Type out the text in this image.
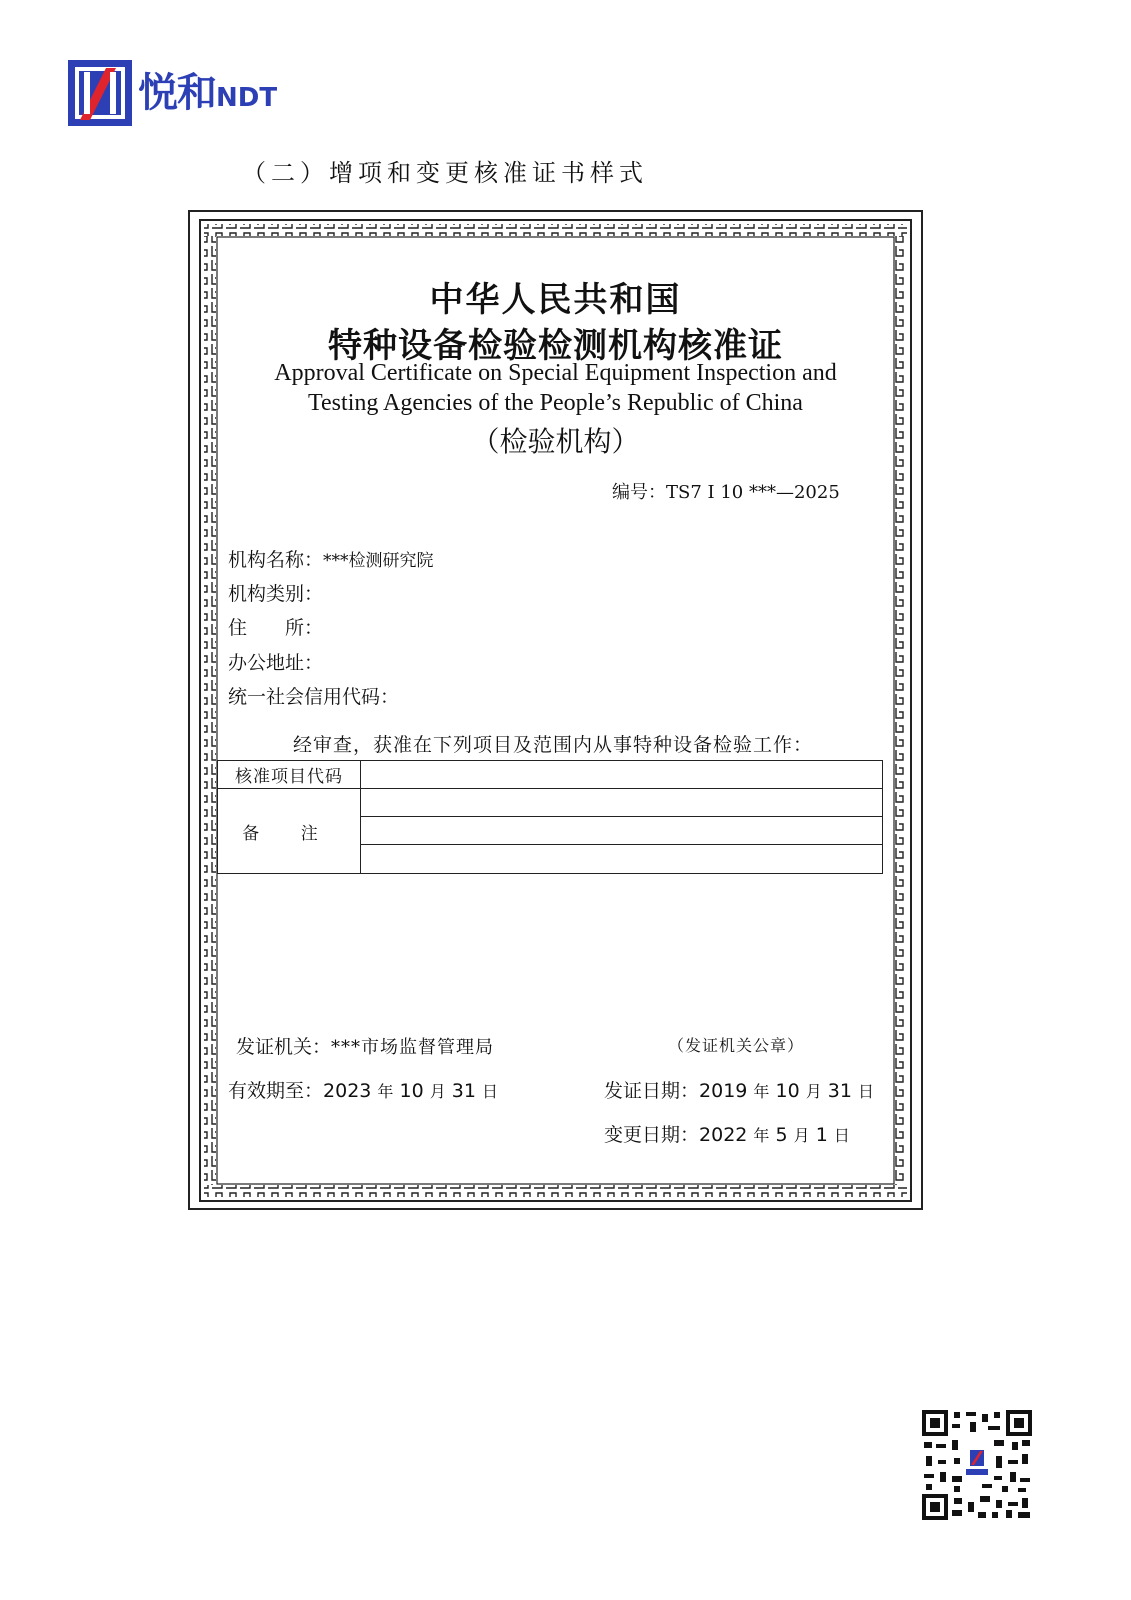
悦和NDT
（二）增项和变更核准证书样式
中华人民共和国
特种设备检验检测机构核准证
Approval Certificate on Special Equipment Inspection and
Testing Agencies of the People’s Republic of China
（检验机构）
编号：TS7 I 10 ***—2025
机构名称：***检测研究院
机构类别：
住 所：
办公地址：
统一社会信用代码：
经审查，获准在下列项目及范围内从事特种设备检验工作：
核准项目代码	
备 注	

发证机关：***市场监督管理局	（发证机关公章）
有效期至：2023 年 10 月 31 日	发证日期：2019 年 10 月 31 日
变更日期：2022 年 5 月 1 日
